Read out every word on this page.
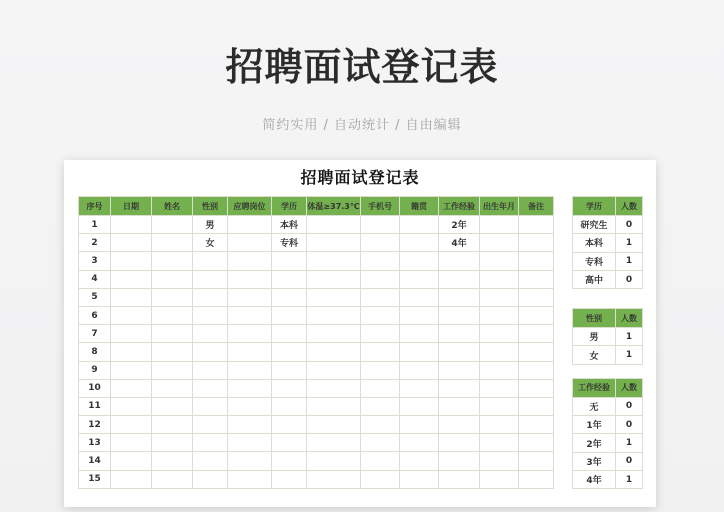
招聘面试登记表
简约实用 / 自动统计 / 自由编辑
招聘面试登记表
序号	日期	姓名	性别	应聘岗位	学历	体温≥37.3℃	手机号	籍贯	工作经验	出生年月	备注
1			男		本科				2年		
2			女		专科				4年		
3											
4											
5											
6											
7											
8											
9											
10											
11											
12											
13											
14											
15											
学历	人数
研究生	0
本科	1
专科	1
高中	0
性别	人数
男	1
女	1
工作经验	人数
无	0
1年	0
2年	1
3年	0
4年	1
